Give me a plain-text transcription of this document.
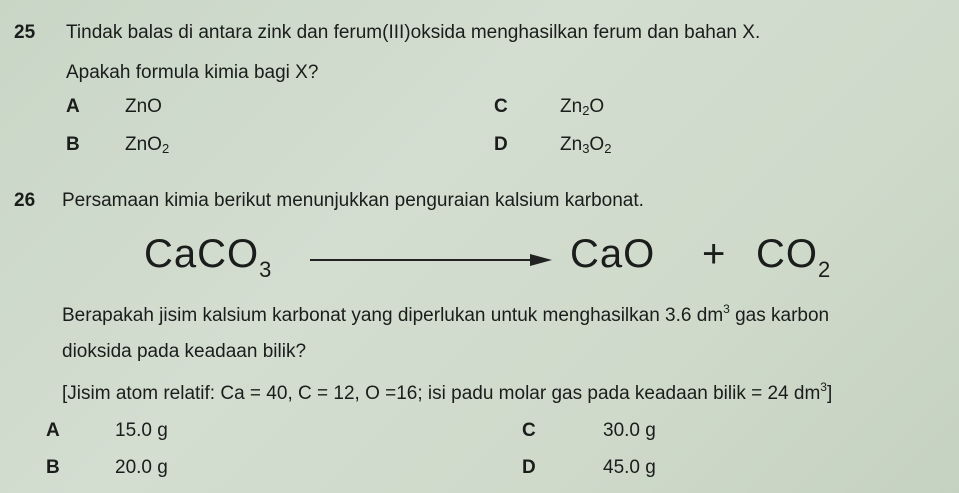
25 Tindak balas di antara zink dan ferum(III)oksida menghasilkan ferum dan bahan X.
Apakah formula kimia bagi X?
A ZnO
B ZnO$_2$
C	$Zn_2O$
D	$Zn_3O_2$
26 Persamaan kimia berikut menunjukkan penguraian kalsium karbonat.
CaCO$_3$	CaO + $CO_2$
Berapakah jisim kalsium karbonat yang diperlukan untuk menghasilkan 3.6 $dm^3$ gas karbon
dioksida pada keadaan bilik?
[Jisim atom relatif: Ca = 40, C = 12, O =16; isi padu molar gas pada keadaan bilik = 24 $dm^3$]
A	15.0 g
B	20.0 g
C	30.0 g
D	45.0 g
